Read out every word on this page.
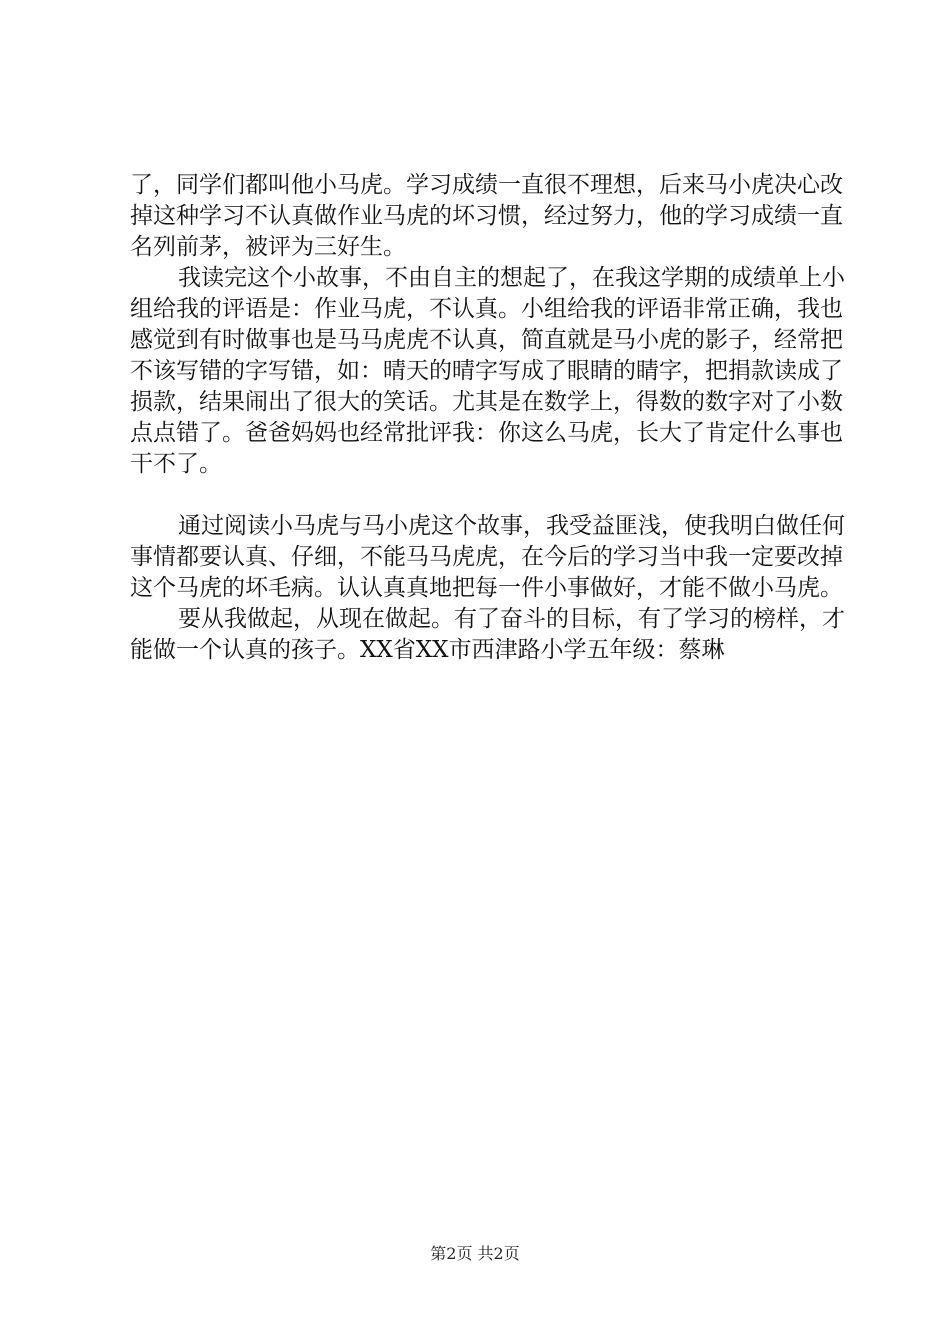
了，同学们都叫他小马虎。学习成绩一直很不理想，后来马小虎决心改掉这种学习不认真做作业马虎的坏习惯，经过努力，他的学习成绩一直名列前茅，被评为三好生。

我读完这个小故事，不由自主的想起了，在我这学期的成绩单上小组给我的评语是：作业马虎，不认真。小组给我的评语非常正确，我也感觉到有时做事也是马马虎虎不认真，简直就是马小虎的影子，经常把不该写错的字写错，如：晴天的晴字写成了眼睛的睛字，把捐款读成了损款，结果闹出了很大的笑话。尤其是在数学上，得数的数字对了小数点点错了。爸爸妈妈也经常批评我：你这么马虎，长大了肯定什么事也干不了。

通过阅读小马虎与马小虎这个故事，我受益匪浅，使我明白做任何事情都要认真、仔细，不能马马虎虎，在今后的学习当中我一定要改掉这个马虎的坏毛病。认认真真地把每一件小事做好，才能不做小马虎。

要从我做起，从现在做起。有了奋斗的目标，有了学习的榜样，才能做一个认真的孩子。XX省XX市西津路小学五年级：蔡琳

第2页 共2页
